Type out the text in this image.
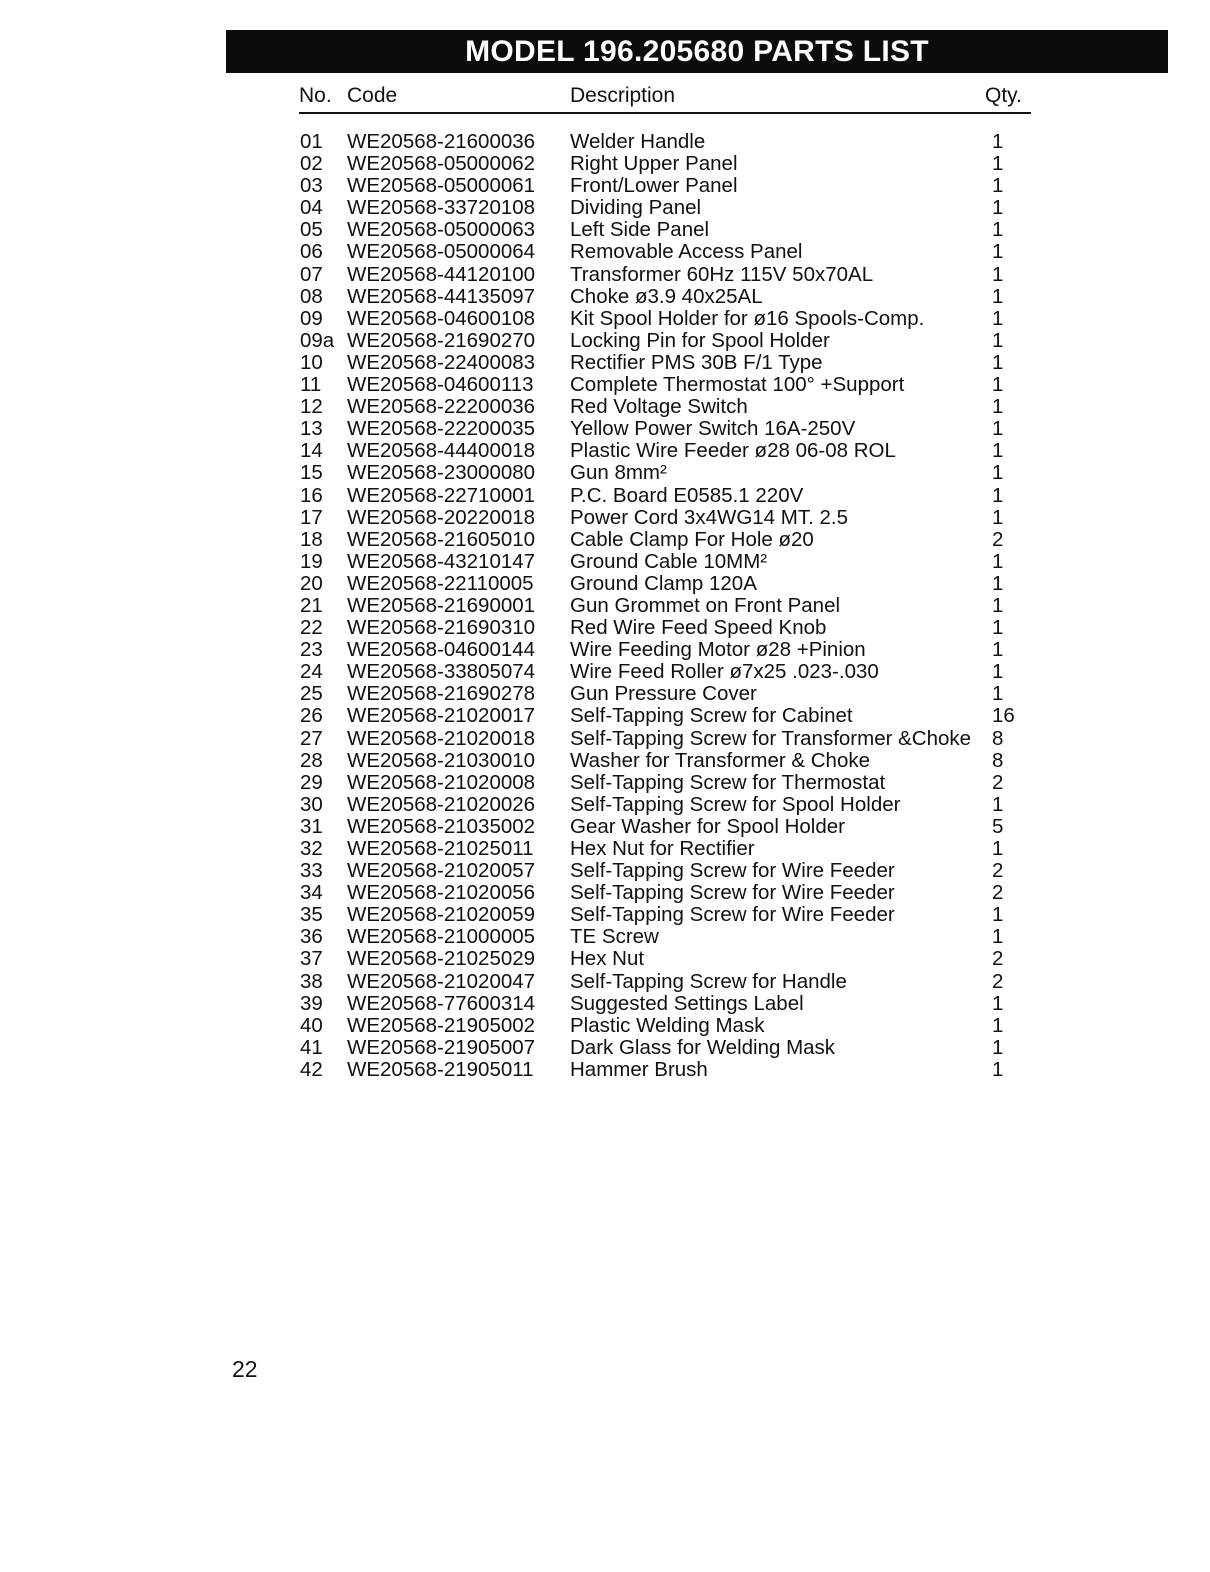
MODEL 196.205680 PARTS LIST
No. Code	Description	Qty.
01 WE20568-21600036 Welder Handle	1
02 WE20568-05000062 Right Upper Panel	1
03 WE20568-05000061 Front/Lower Panel	1
04 WE20568-33720108 Dividing Panel	1
05 WE20568-05000063 Left Side Panel	1
06 WE20568-05000064 Removable Access Panel	1
07 WE20568-44120100 Transformer 60Hz 115V 50x70AL	1
08 WE20568-44135097 Choke ø3.9 40x25AL	1
09 WE20568-04600108 Kit Spool Holder for ø16 Spools-Comp.	1
09a WE20568-21690270 Locking Pin for Spool Holder	1
10 WE20568-22400083 Rectifier PMS 30B F/1 Type	1
11 WE20568-04600113 Complete Thermostat 100° +Support	1
12 WE20568-22200036 Red Voltage Switch	1
13 WE20568-22200035 Yellow Power Switch 16A-250V	1
14 WE20568-44400018 Plastic Wire Feeder ø28 06-08 ROL	1
15 WE20568-23000080 Gun 8mm²	1
16 WE20568-22710001 P.C. Board E0585.1 220V	1
17 WE20568-20220018 Power Cord 3x4WG14 MT. 2.5	1
18 WE20568-21605010 Cable Clamp For Hole ø20	2
19 WE20568-43210147 Ground Cable 10MM²	1
20 WE20568-22110005 Ground Clamp 120A	1
21 WE20568-21690001 Gun Grommet on Front Panel	1
22 WE20568-21690310 Red Wire Feed Speed Knob	1
23 WE20568-04600144 Wire Feeding Motor ø28 +Pinion	1
24 WE20568-33805074 Wire Feed Roller ø7x25 .023-.030	1
25 WE20568-21690278 Gun Pressure Cover	1
26 WE20568-21020017 Self-Tapping Screw for Cabinet	16
27 WE20568-21020018 Self-Tapping Screw for Transformer &Choke 8
28 WE20568-21030010 Washer for Transformer & Choke	8
29 WE20568-21020008 Self-Tapping Screw for Thermostat	2
30 WE20568-21020026 Self-Tapping Screw for Spool Holder	1
31 WE20568-21035002 Gear Washer for Spool Holder	5
32 WE20568-21025011 Hex Nut for Rectifier	1
33 WE20568-21020057 Self-Tapping Screw for Wire Feeder	2
34 WE20568-21020056 Self-Tapping Screw for Wire Feeder	2
35 WE20568-21020059 Self-Tapping Screw for Wire Feeder	1
36 WE20568-21000005 TE Screw	1
37 WE20568-21025029 Hex Nut	2
38 WE20568-21020047 Self-Tapping Screw for Handle	2
39 WE20568-77600314 Suggested Settings Label	1
40 WE20568-21905002 Plastic Welding Mask	1
41 WE20568-21905007 Dark Glass for Welding Mask	1
42 WE20568-21905011 Hammer Brush	1
22
